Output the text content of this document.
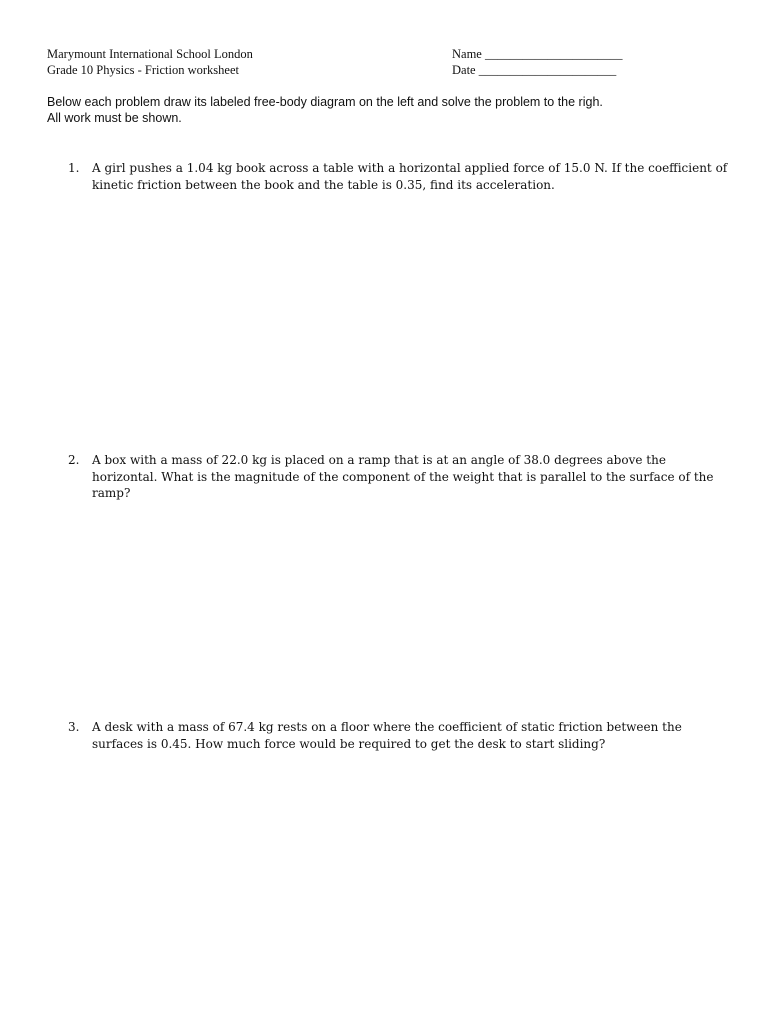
Marymount International School London
Grade 10 Physics - Friction worksheet
Name ______________________
Date ______________________
Below each problem draw its labeled free-body diagram on the left and solve the problem to the righ.
All work must be shown.
1.	A girl pushes a 1.04 kg book across a table with a horizontal applied force of 15.0 N. If the coefficient of kinetic friction between the book and the table is 0.35, find its acceleration.
2.	A box with a mass of 22.0 kg is placed on a ramp that is at an angle of 38.0 degrees above the horizontal. What is the magnitude of the component of the weight that is parallel to the surface of the ramp?
3.	A desk with a mass of 67.4 kg rests on a floor where the coefficient of static friction between the surfaces is 0.45. How much force would be required to get the desk to start sliding?
